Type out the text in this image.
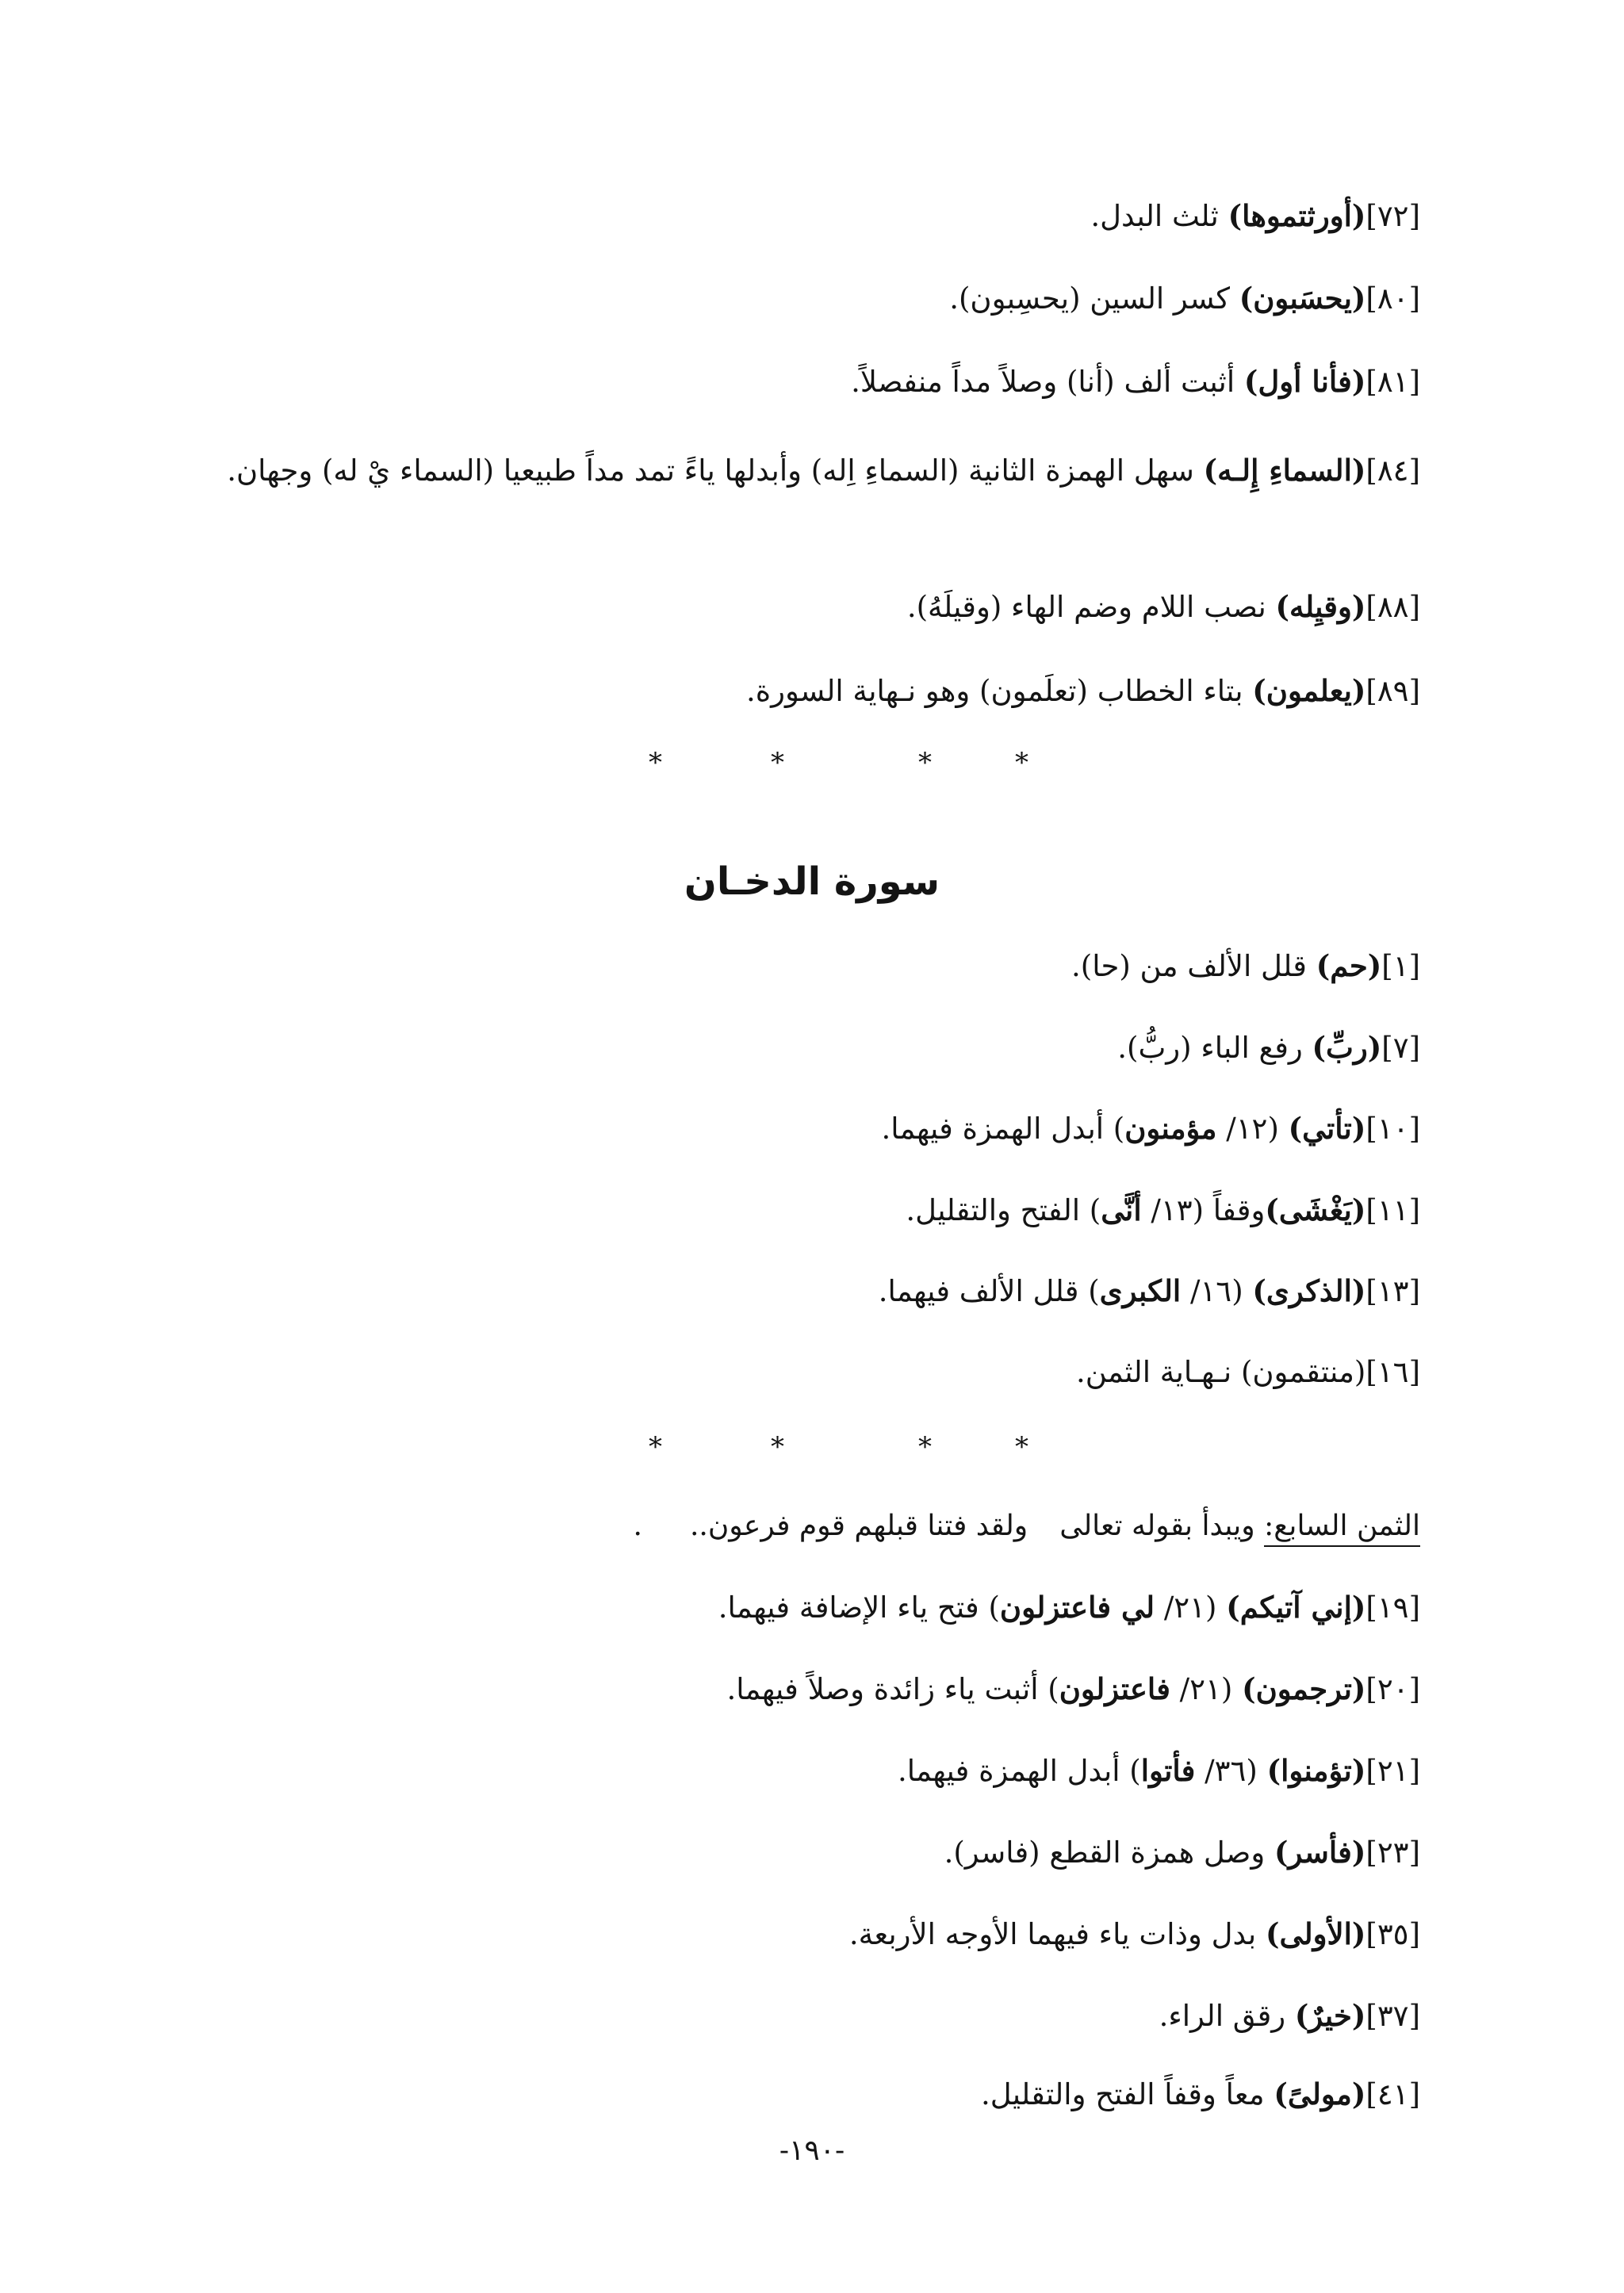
[٧٢](أورثتموها) ثلث البدل.
[٨٠](يحسَبون) كسر السين (يحسِبون).
[٨١](فأنا أول) أثبت ألف (أنا) وصلاً مداً منفصلاً.
[٨٤](السماءِ إِلـه) سهل الهمزة الثانية (السماءِ اِله) وأبدلها ياءً تمد مداً طبيعيا (السماء يْ له) وجهان.
[٨٨](وقيِله) نصب اللام وضم الهاء (وقيلَهُ).
[٨٩](يعلمون) بتاء الخطاب (تعلَمون) وهو نـهاية السورة.
*	*	*	*
سورة الدخـان
[١](حم) قلل الألف من (حا).
[٧](ربِّ) رفع الباء (ربُّ).
[١٠](تأتي) (١٢/ مؤمنون) أبدل الهمزة فيهما.
[١١](يَغْشَى)وقفاً (١٣/ أنَّى) الفتح والتقليل.
[١٣](الذكرى) (١٦/ الكبرى) قلل الألف فيهما.
[١٦](منتقمون) نـهـاية الثمن.
*	*	*	*
الثمن السابع: ويبدأ بقوله تعالىولقد فتنا قبلهم قوم فرعون...
[١٩](إني آتيكم) (٢١/ لي فاعتزلون) فتح ياء الإضافة فيهما.
[٢٠](ترجمون) (٢١/ فاعتزلون) أثبت ياء زائدة وصلاً فيهما.
[٢١](تؤمنوا) (٣٦/ فأتوا) أبدل الهمزة فيهما.
[٢٣](فأسر) وصل همزة القطع (فاسر).
[٣٥](الأولى) بدل وذات ياء فيهما الأوجه الأربعة.
[٣٧](خيرٌ) رقق الراء.
[٤١](مولىً) معاً وقفاً الفتح والتقليل.
-١٩٠-
